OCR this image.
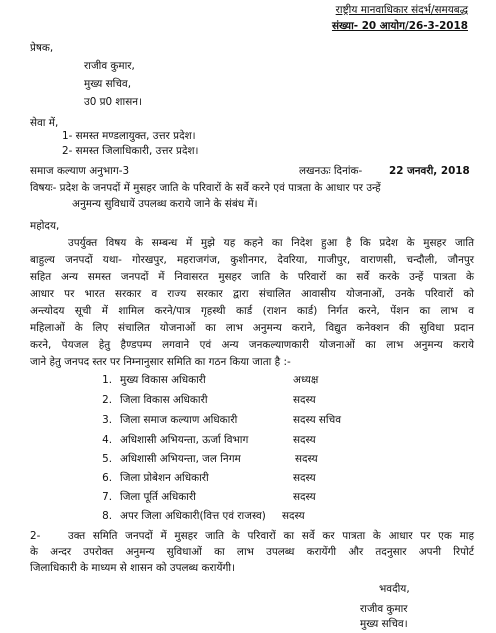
राष्ट्रीय मानवाधिकार संदर्भ/समयबद्ध
संख्या- 20 आयोग/26-3-2018
प्रेषक,
राजीव कुमार,
मुख्य सचिव,
उ0 प्र0 शासन।
सेवा में,
1- समस्त मण्डलायुक्त, उत्तर प्रदेश।
2- समस्त जिलाधिकारी, उत्तर प्रदेश।
समाज कल्याण अनुभाग-3	लखनऊः दिनांक-	22 जनवरी, 2018
विषयः- प्रदेश के जनपदों में मुसहर जाति के परिवारों के सर्वे करने एवं पात्रता के आधार पर उन्हें
अनुमन्य सुविधायें उपलब्ध कराये जाने के संबंध में।
महोदय,
उपर्युक्त विषय के सम्बन्ध में मुझे यह कहने का निदेश हुआ है कि प्रदेश के मुसहर जाति
बाहुल्य जनपदों यथा- गोरखपुर, महराजगंज, कुशीनगर, देवरिया, गाजीपुर, वाराणसी, चन्दौली, जौनपुर
सहित अन्य समस्त जनपदों में निवासरत मुसहर जाति के परिवारों का सर्वे करके उन्हें पात्रता के
आधार पर भारत सरकार व राज्य सरकार द्वारा संचालित आवासीय योजनाओं, उनके परिवारों को
अन्त्योदय सूची में शामिल करने/पात्र गृहस्थी कार्ड (राशन कार्ड) निर्गत करने, पेंशन का लाभ व
महिलाओं के लिए संचालित योजनाओं का लाभ अनुमन्य कराने, विद्युत कनेक्शन की सुविधा प्रदान
करने, पेयजल हेतु हैण्डपम्प लगवाने एवं अन्य जनकल्याणकारी योजनाओं का लाभ अनुमन्य कराये
जाने हेतु जनपद स्तर पर निम्नानुसार समिति का गठन किया जाता है :-
1. मुख्य विकास अधिकारी	अध्यक्ष
2. जिला विकास अधिकारी	सदस्य
3. जिला समाज कल्याण अधिकारी	सदस्य सचिव
4. अधिशासी अभियन्ता, ऊर्जा विभाग	सदस्य
5. अधिशासी अभियन्ता, जल निगम	सदस्य
6. जिला प्रोबेशन अधिकारी	सदस्य
7. जिला पूर्ति अधिकारी	सदस्य
8. अपर जिला अधिकारी(वित्त एवं राजस्व) सदस्य
2-	उक्त समिति जनपदों में मुसहर जाति के परिवारों का सर्वे कर पात्रता के आधार पर एक माह
के अन्दर उपरोक्त अनुमन्य सुविधाओं का लाभ उपलब्ध करायेंगी और तदनुसार अपनी रिपोर्ट
जिलाधिकारी के माध्यम से शासन को उपलब्ध करायेंगी।
भवदीय,
राजीव कुमार
मुख्य सचिव।
